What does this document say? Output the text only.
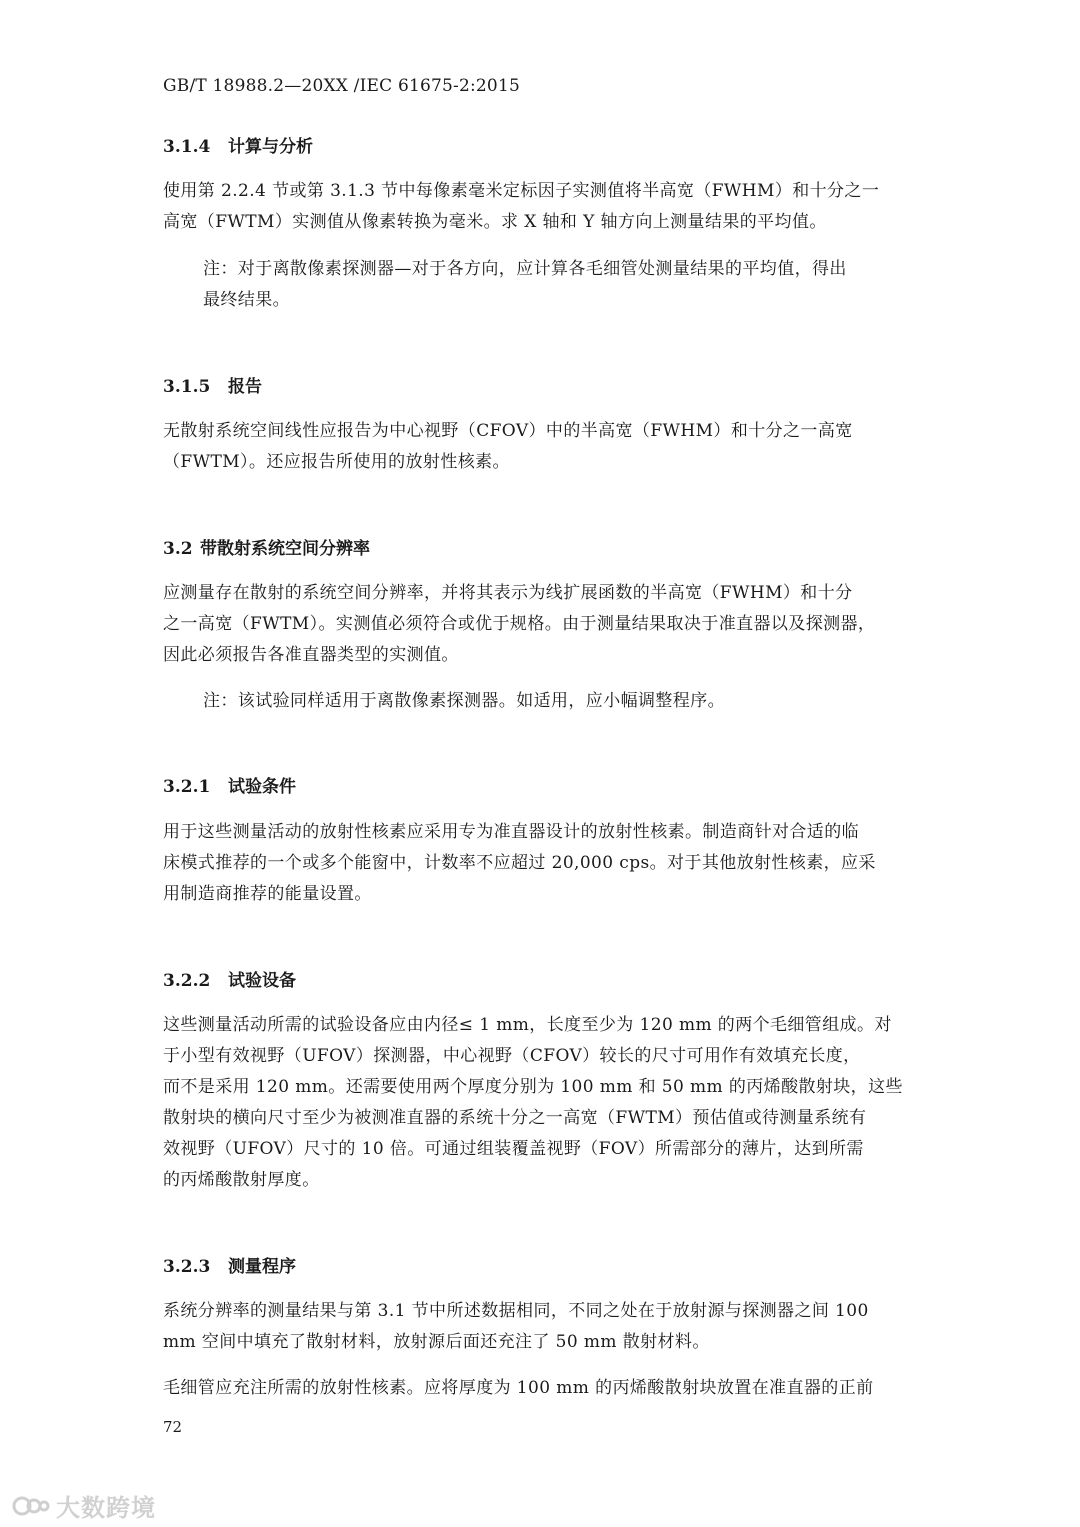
GB/T 18988.2—20XX /IEC 61675-2:2015
3.1.4 计算与分析
使用第 2.2.4 节或第 3.1.3 节中每像素毫米定标因子实测值将半高宽（FWHM）和十分之一
高宽（FWTM）实测值从像素转换为毫米。求 X 轴和 Y 轴方向上测量结果的平均值。
注：对于离散像素探测器—对于各方向，应计算各毛细管处测量结果的平均值，得出
最终结果。
3.1.5 报告
无散射系统空间线性应报告为中心视野（CFOV）中的半高宽（FWHM）和十分之一高宽
（FWTM）。还应报告所使用的放射性核素。
3.2 带散射系统空间分辨率
应测量存在散射的系统空间分辨率，并将其表示为线扩展函数的半高宽（FWHM）和十分
之一高宽（FWTM）。实测值必须符合或优于规格。由于测量结果取决于准直器以及探测器，
因此必须报告各准直器类型的实测值。
注：该试验同样适用于离散像素探测器。如适用，应小幅调整程序。
3.2.1 试验条件
用于这些测量活动的放射性核素应采用专为准直器设计的放射性核素。制造商针对合适的临
床模式推荐的一个或多个能窗中，计数率不应超过 20,000 cps。对于其他放射性核素，应采
用制造商推荐的能量设置。
3.2.2 试验设备
这些测量活动所需的试验设备应由内径≤ 1 mm，长度至少为 120 mm 的两个毛细管组成。对
于小型有效视野（UFOV）探测器，中心视野（CFOV）较长的尺寸可用作有效填充长度，
而不是采用 120 mm。还需要使用两个厚度分别为 100 mm 和 50 mm 的丙烯酸散射块，这些
散射块的横向尺寸至少为被测准直器的系统十分之一高宽（FWTM）预估值或待测量系统有
效视野（UFOV）尺寸的 10 倍。可通过组装覆盖视野（FOV）所需部分的薄片，达到所需
的丙烯酸散射厚度。
3.2.3 测量程序
系统分辨率的测量结果与第 3.1 节中所述数据相同，不同之处在于放射源与探测器之间 100
mm 空间中填充了散射材料，放射源后面还充注了 50 mm 散射材料。
毛细管应充注所需的放射性核素。应将厚度为 100 mm 的丙烯酸散射块放置在准直器的正前
72
大数跨境
